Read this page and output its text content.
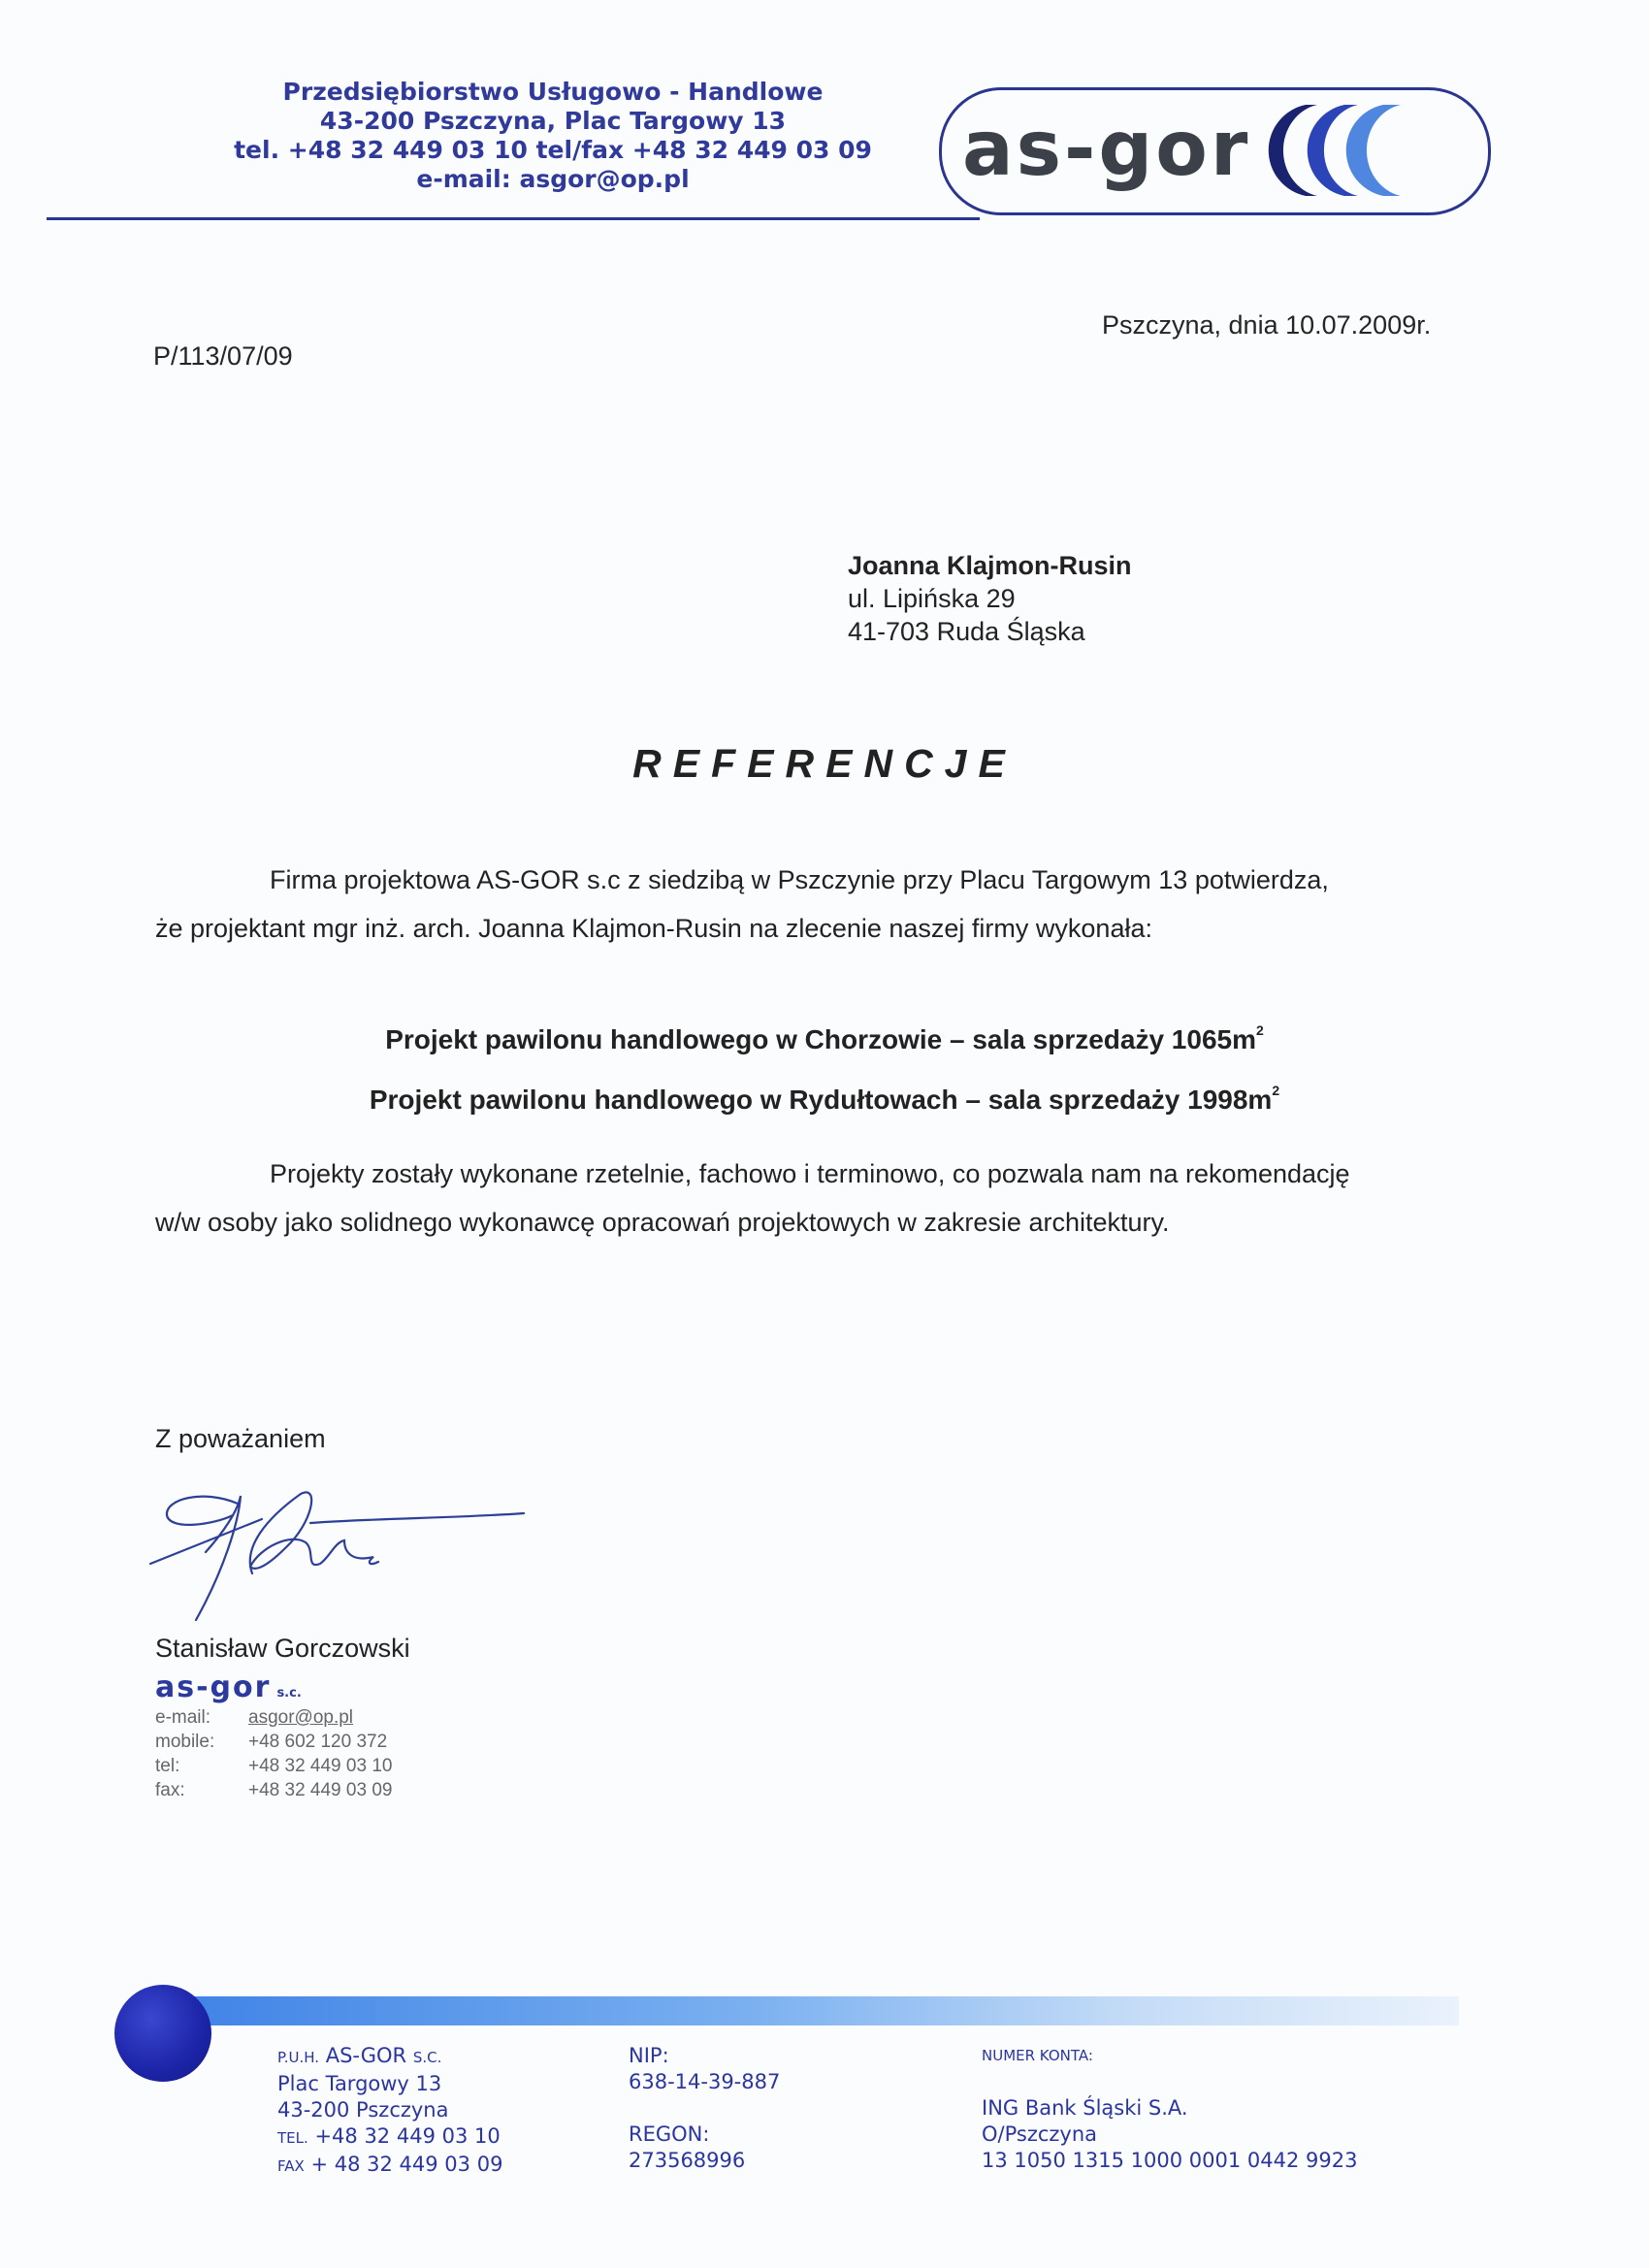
Przedsiębiorstwo Usługowo - Handlowe
43-200 Pszczyna, Plac Targowy 13
tel. +48 32 449 03 10 tel/fax +48 32 449 03 09
e-mail: asgor@op.pl	as-gor
P/113/07/09
Pszczyna, dnia 10.07.2009r.
Joanna Klajmon-Rusin
ul. Lipińska 29
41-703 Ruda Śląska
REFERENCJE
Firma projektowa AS-GOR s.c z siedzibą w Pszczynie przy Placu Targowym 13 potwierdza,
że projektant mgr inż. arch. Joanna Klajmon-Rusin na zlecenie naszej firmy wykonała:
Projekt pawilonu handlowego w Chorzowie – sala sprzedaży $1065m^2$
Projekt pawilonu handlowego w Rydułtowach – sala sprzedaży $1998m^2$
Projekty zostały wykonane rzetelnie, fachowo i terminowo, co pozwala nam na rekomendację
w/w osoby jako solidnego wykonawcę opracowań projektowych w zakresie architektury.
Z poważaniem
Stanisław Gorczowski
as-gor s.c.
e-mail:	asgor@op.pl
mobile:	+48 602 120 372
tel:	+48 32 449 03 10
fax:	+48 32 449 03 09
P.U.H. AS-GOR S.C.
Plac Targowy 13
43-200 Pszczyna
TEL. +48 32 449 03 10
FAX + 48 32 449 03 09
NIP:
638-14-39-887
REGON:
273568996
NUMER KONTA:
ING Bank Śląski S.A.
O/Pszczyna
13 1050 1315 1000 0001 0442 9923
